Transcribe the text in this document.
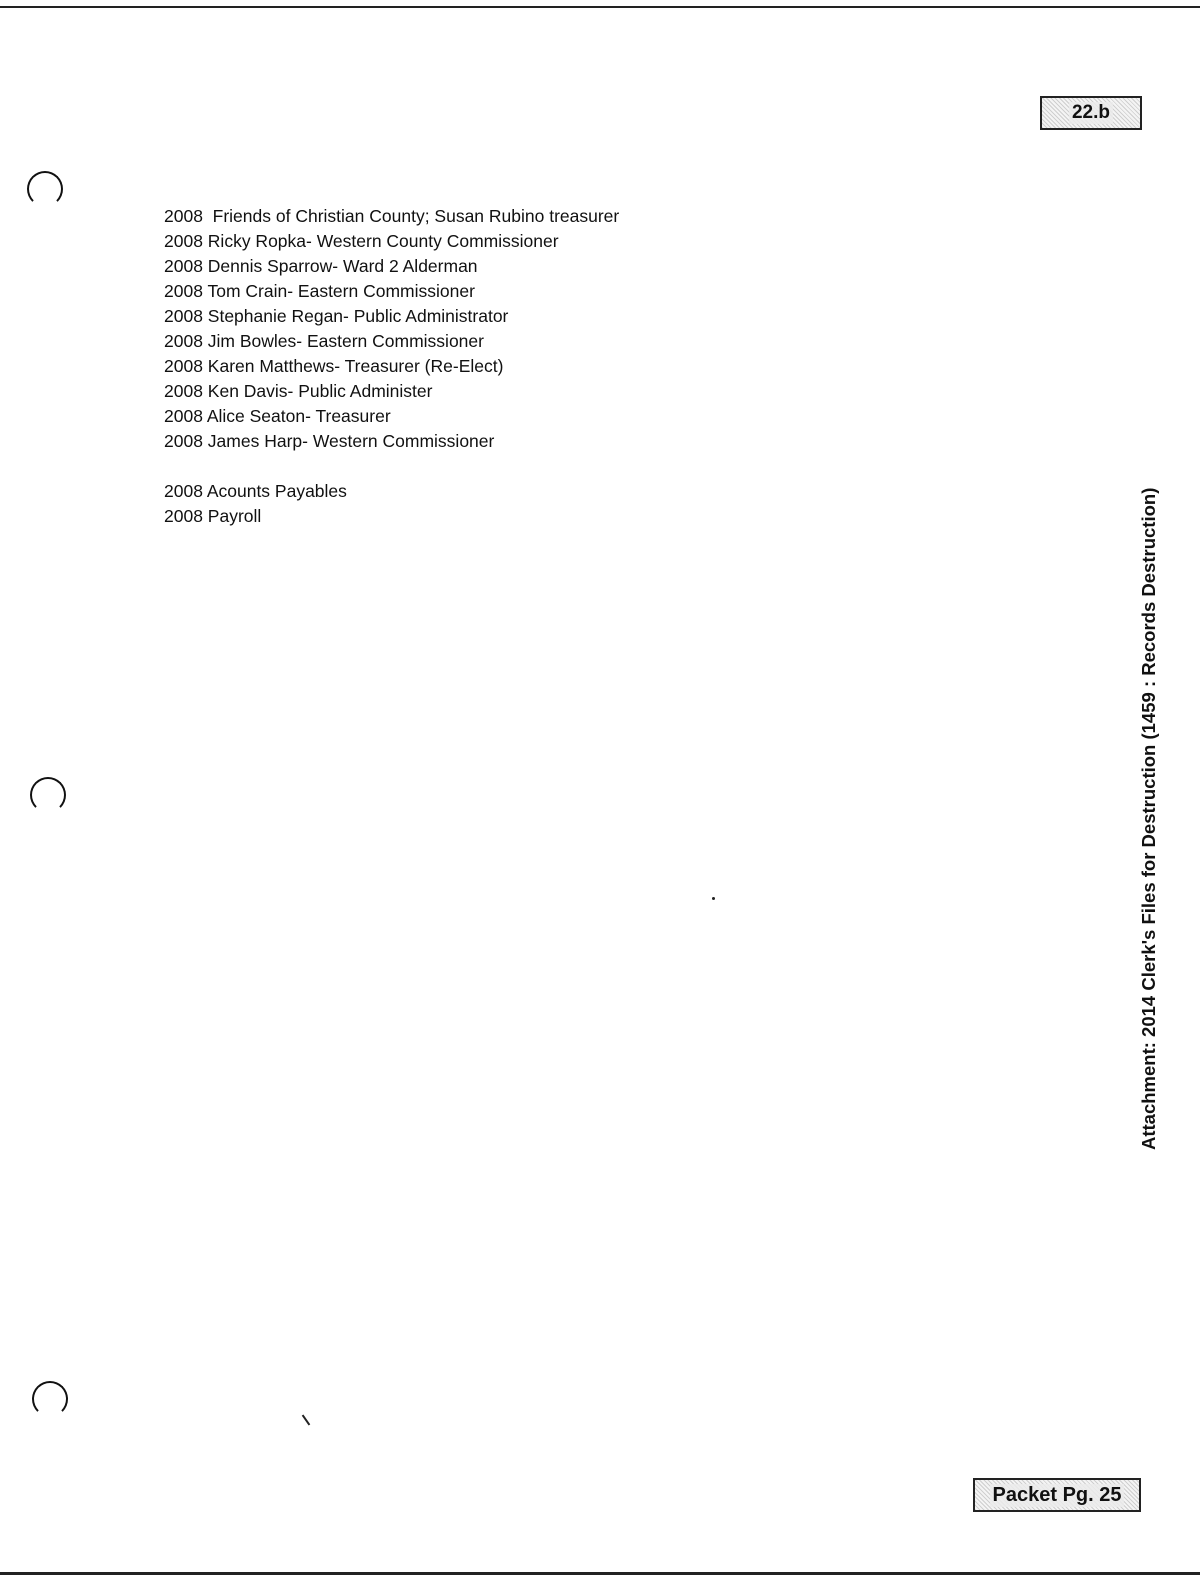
22.b
2008  Friends of Christian County; Susan Rubino treasurer
2008 Ricky Ropka- Western County Commissioner
2008 Dennis Sparrow- Ward 2 Alderman
2008 Tom Crain- Eastern Commissioner
2008 Stephanie Regan- Public Administrator
2008 Jim Bowles- Eastern Commissioner
2008 Karen Matthews- Treasurer (Re-Elect)
2008 Ken Davis- Public Administer
2008 Alice Seaton- Treasurer
2008 James Harp- Western Commissioner
2008 Acounts Payables
2008 Payroll	Attachment: 2014 Clerk's Files for Destruction (1459 : Records Destruction)
Packet Pg. 25
